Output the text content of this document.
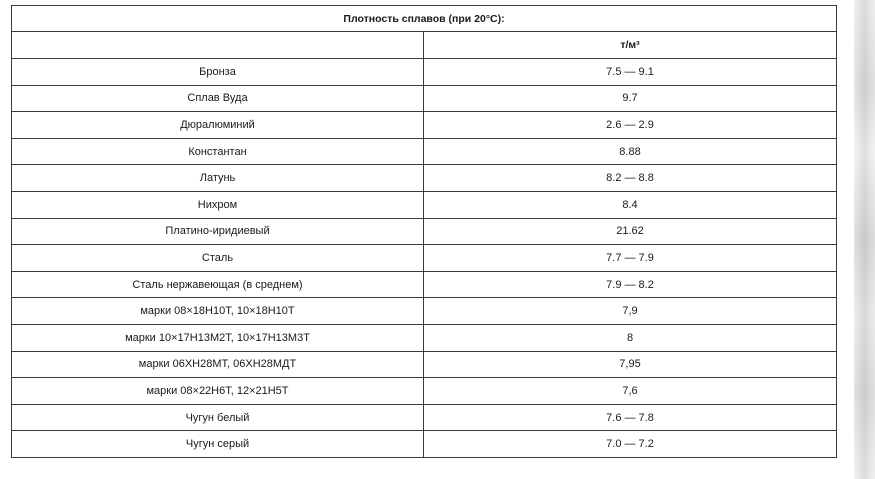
Плотность сплавов (при 20°С):	
	т/м³
Бронза	7.5 — 9.1
Сплав Вуда	9.7
Дюралюминий	2.6 — 2.9
Константан	8.88
Латунь	8.2 — 8.8
Нихром	8.4
Платино-иридиевый	21.62
Сталь	7.7 — 7.9
Сталь нержавеющая (в среднем)	7.9 — 8.2
марки 08×18Н10Т, 10×18Н10Т	7,9
марки 10×17Н13М2Т, 10×17Н13М3Т	8
марки 06ХН28МТ, 06ХН28МДТ	7,95
марки 08×22Н6Т, 12×21Н5Т	7,6
Чугун белый	7.6 — 7.8
Чугун серый	7.0 — 7.2
